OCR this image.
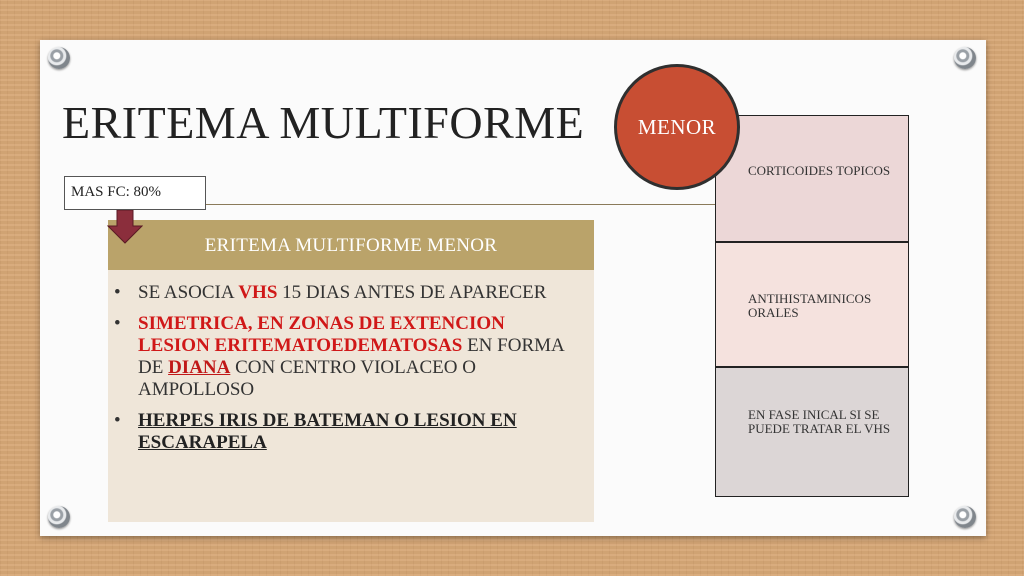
ERITEMA MULTIFORME
MAS FC: 80%
ERITEMA MULTIFORME MENOR
• SE ASOCIA VHS 15 DIAS ANTES DE APARECER
• SIMETRICA, EN ZONAS DE EXTENCION LESION ERITEMATOEDEMATOSAS EN FORMA DE DIANA CON CENTRO VIOLACEO O AMPOLLOSO
• HERPES IRIS DE BATEMAN O LESION EN ESCARAPELA
CORTICOIDES TOPICOS
ANTIHISTAMINICOS ORALES
EN FASE INICAL SI SE PUEDE TRATAR EL VHS
MENOR
